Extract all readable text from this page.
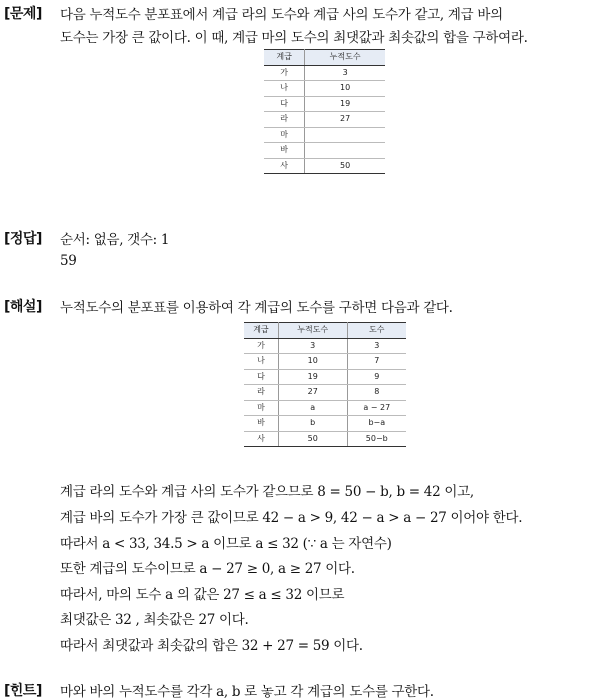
[문제] 다음 누적도수 분포표에서 계급 라의 도수와 계급 사의 도수가 같고, 계급 바의
도수는 가장 큰 값이다. 이 때, 계급 마의 도수의 최댓값과 최솟값의 합을 구하여라.
계급	누적도수
가	3
나	10
다	19
라	27
마	
바	
사	50
[정답] 순서: 없음, 갯수: 1
59
[해설] 누적도수의 분포표를 이용하여 각 계급의 도수를 구하면 다음과 같다.
계급	누적도수	도수
가	3	3
나	10	7
다	19	9
라	27	8
마	a	a − 27
바	b	b−a
사	50	50−b
계급 라의 도수와 계급 사의 도수가 같으므로 8 = 50 − b, b = 42 이고,
계급 바의 도수가 가장 큰 값이므로 42 − a > 9, 42 − a > a − 27 이어야 한다.
따라서 a < 33, 34.5 > a 이므로 a ≤ 32 (∵ a 는 자연수)
또한 계급의 도수이므로 a − 27 ≥ 0, a ≥ 27 이다.
따라서, 마의 도수 a 의 값은 27 ≤ a ≤ 32 이므로
최댓값은 32 , 최솟값은 27 이다.
따라서 최댓값과 최솟값의 합은 32 + 27 = 59 이다.
[힌트] 마와 바의 누적도수를 각각 a, b 로 놓고 각 계급의 도수를 구한다.
